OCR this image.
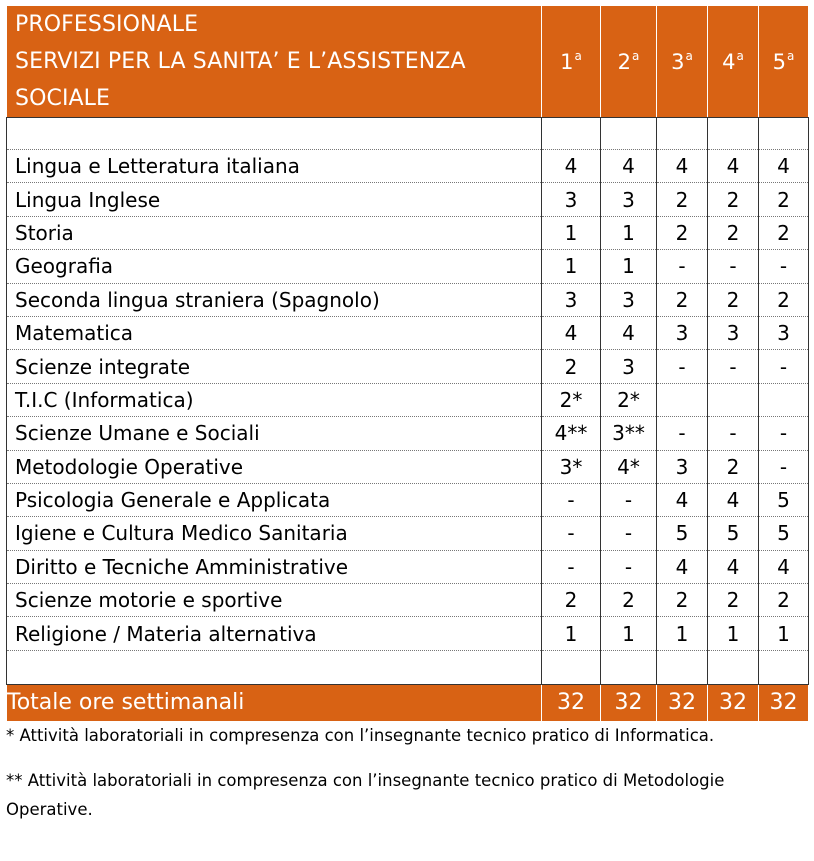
PROFESSIONALE
SERVIZI PER LA SANITA’ E L’ASSISTENZA
SOCIALE	1$^a$	2$^a$	3$^a$	4$^a$	5$^a$

Lingua e Letteratura italiana	4	4	4	4	4
Lingua Inglese	3	3	2	2	2
Storia	1	1	2	2	2
Geografia	1	1	-	-	-
Seconda lingua straniera (Spagnolo)	3	3	2	2	2
Matematica	4	4	3	3	3
Scienze integrate	2	3	-	-	-
T.I.C (Informatica)	2*	2*			
Scienze Umane e Sociali	4**	3**	-	-	-
Metodologie Operative	3*	4*	3	2	-
Psicologia Generale e Applicata	-	-	4	4	5
Igiene e Cultura Medico Sanitaria	-	-	5	5	5
Diritto e Tecniche Amministrative	-	-	4	4	4
Scienze motorie e sportive	2	2	2	2	2
Religione / Materia alternativa	1	1	1	1	1

Totale ore settimanali	32	32	32	32	32

* Attività laboratoriali in compresenza con l’insegnante tecnico pratico di Informatica.

** Attività laboratoriali in compresenza con l’insegnante tecnico pratico di Metodologie Operative.
